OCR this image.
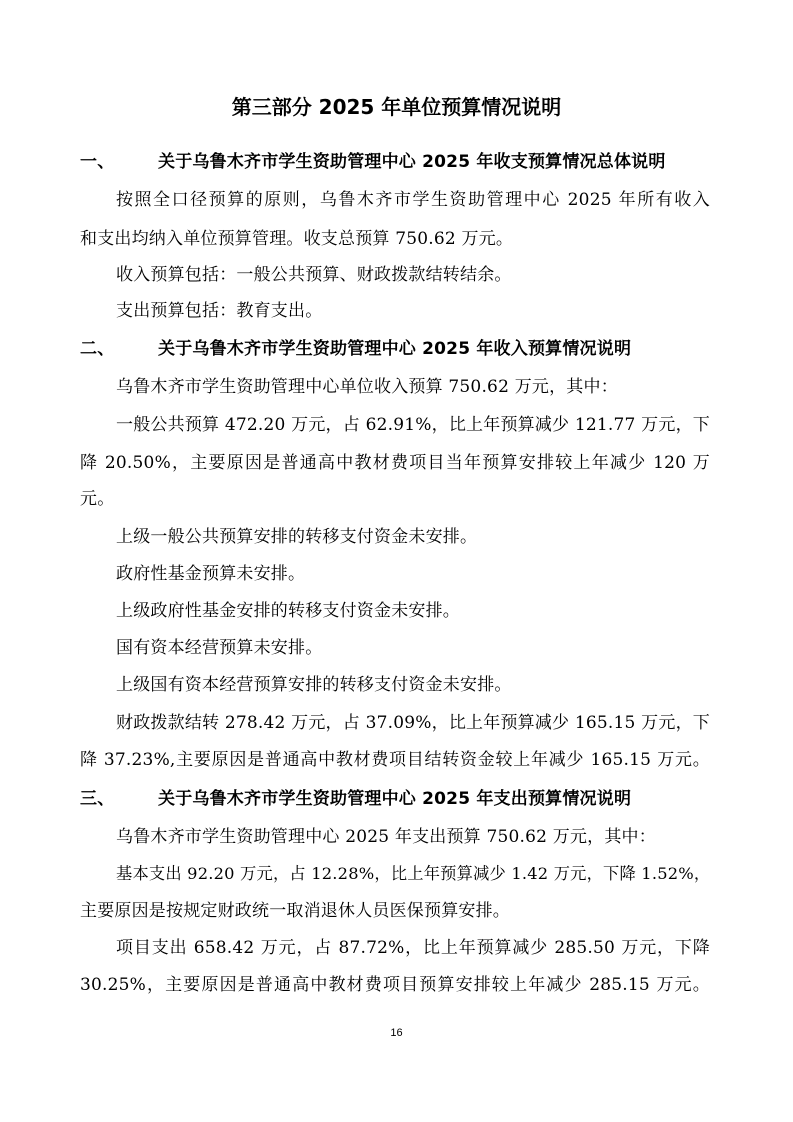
第三部分 2025 年单位预算情况说明
一、	关于乌鲁木齐市学生资助管理中心 2025 年收支预算情况总体说明
按照全口径预算的原则，乌鲁木齐市学生资助管理中心 2025 年所有收入
和支出均纳入单位预算管理。收支总预算 750.62 万元。
收入预算包括：一般公共预算、财政拨款结转结余。
支出预算包括：教育支出。
二、	关于乌鲁木齐市学生资助管理中心 2025 年收入预算情况说明
乌鲁木齐市学生资助管理中心单位收入预算 750.62 万元，其中：
一般公共预算 472.20 万元，占 62.91%，比上年预算减少 121.77 万元，下
降 20.50%，主要原因是普通高中教材费项目当年预算安排较上年减少 120 万
元。
上级一般公共预算安排的转移支付资金未安排。
政府性基金预算未安排。
上级政府性基金安排的转移支付资金未安排。
国有资本经营预算未安排。
上级国有资本经营预算安排的转移支付资金未安排。
财政拨款结转 278.42 万元，占 37.09%，比上年预算减少 165.15 万元，下
降 37.23%,主要原因是普通高中教材费项目结转资金较上年减少 165.15 万元。
三、	关于乌鲁木齐市学生资助管理中心 2025 年支出预算情况说明
乌鲁木齐市学生资助管理中心 2025 年支出预算 750.62 万元，其中：
基本支出 92.20 万元，占 12.28%，比上年预算减少 1.42 万元，下降 1.52%，
主要原因是按规定财政统一取消退休人员医保预算安排。
项目支出 658.42 万元，占 87.72%，比上年预算减少 285.50 万元，下降
30.25%，主要原因是普通高中教材费项目预算安排较上年减少 285.15 万元。
16
